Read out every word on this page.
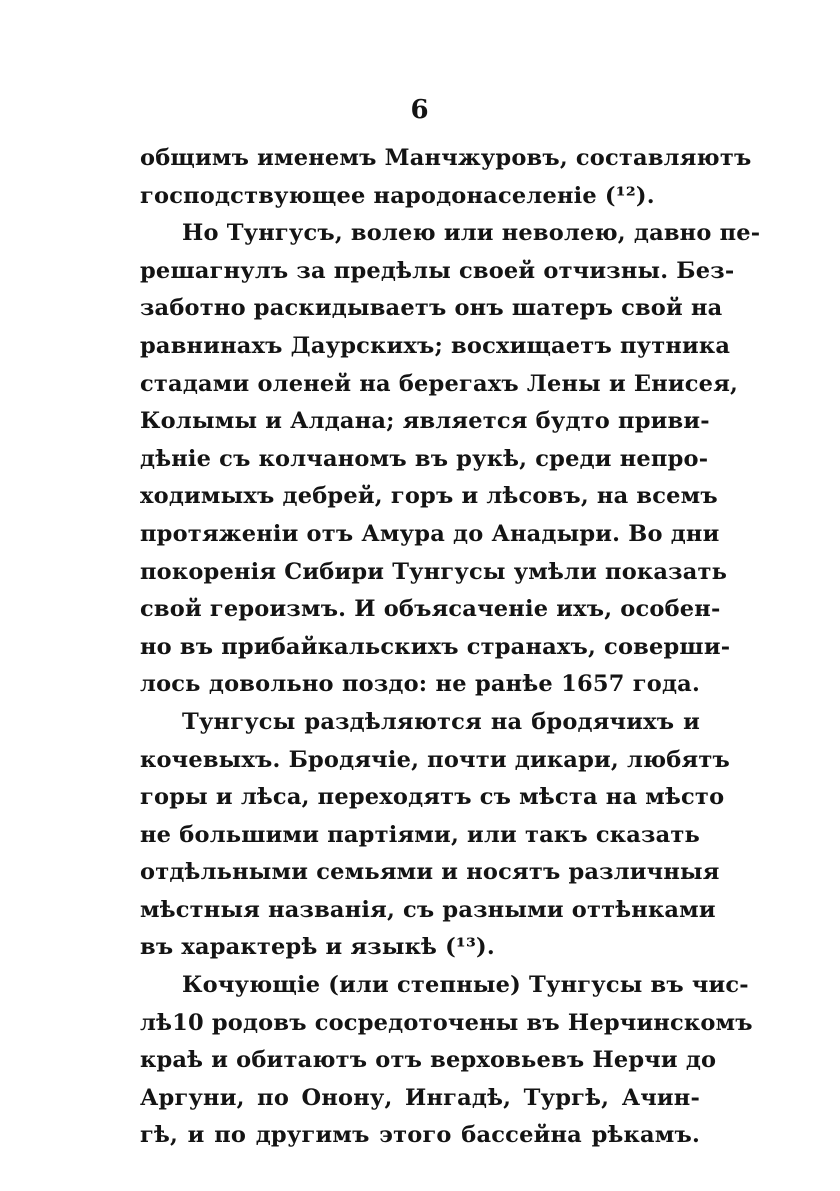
6
общимъ именемъ Манчжуровъ, составляютъ
господствующее народонаселеніе (¹²).
Но Тунгусъ, волею или неволею, давно пе-
решагнулъ за предѣлы своей отчизны. Без-
заботно раскидываетъ онъ шатеръ свой на
равнинахъ Даурскихъ; восхищаетъ путника
стадами оленей на берегахъ Лены и Енисея,
Колымы и Алдана; является будто приви-
дѣніе съ колчаномъ въ рукѣ, среди непро-
ходимыхъ дебрей, горъ и лѣсовъ, на всемъ
протяженіи отъ Амура до Анадыри. Во дни
покоренія Сибири Тунгусы умѣли показать
свой героизмъ. И объясаченіе ихъ, особен-
но въ прибайкальскихъ странахъ, соверши-
лось довольно поздо: не ранѣе 1657 года.
Тунгусы раздѣляются на бродячихъ и
кочевыхъ. Бродячіе, почти дикари, любятъ
горы и лѣса, переходятъ съ мѣста на мѣсто
не большими партіями, или такъ сказать
отдѣльными семьями и носятъ различныя
мѣстныя названія, съ разными оттѣнками
въ характерѣ и языкѣ (¹³).
Кочующіе (или степные) Тунгусы въ чис-
лѣ10 родовъ сосредоточены въ Нерчинскомъ
краѣ и обитаютъ отъ верховьевъ Нерчи до
Аргуни, по Онону, Ингадѣ, Тургѣ, Ачин-
гѣ, и по другимъ этого бассейна рѣкамъ.
